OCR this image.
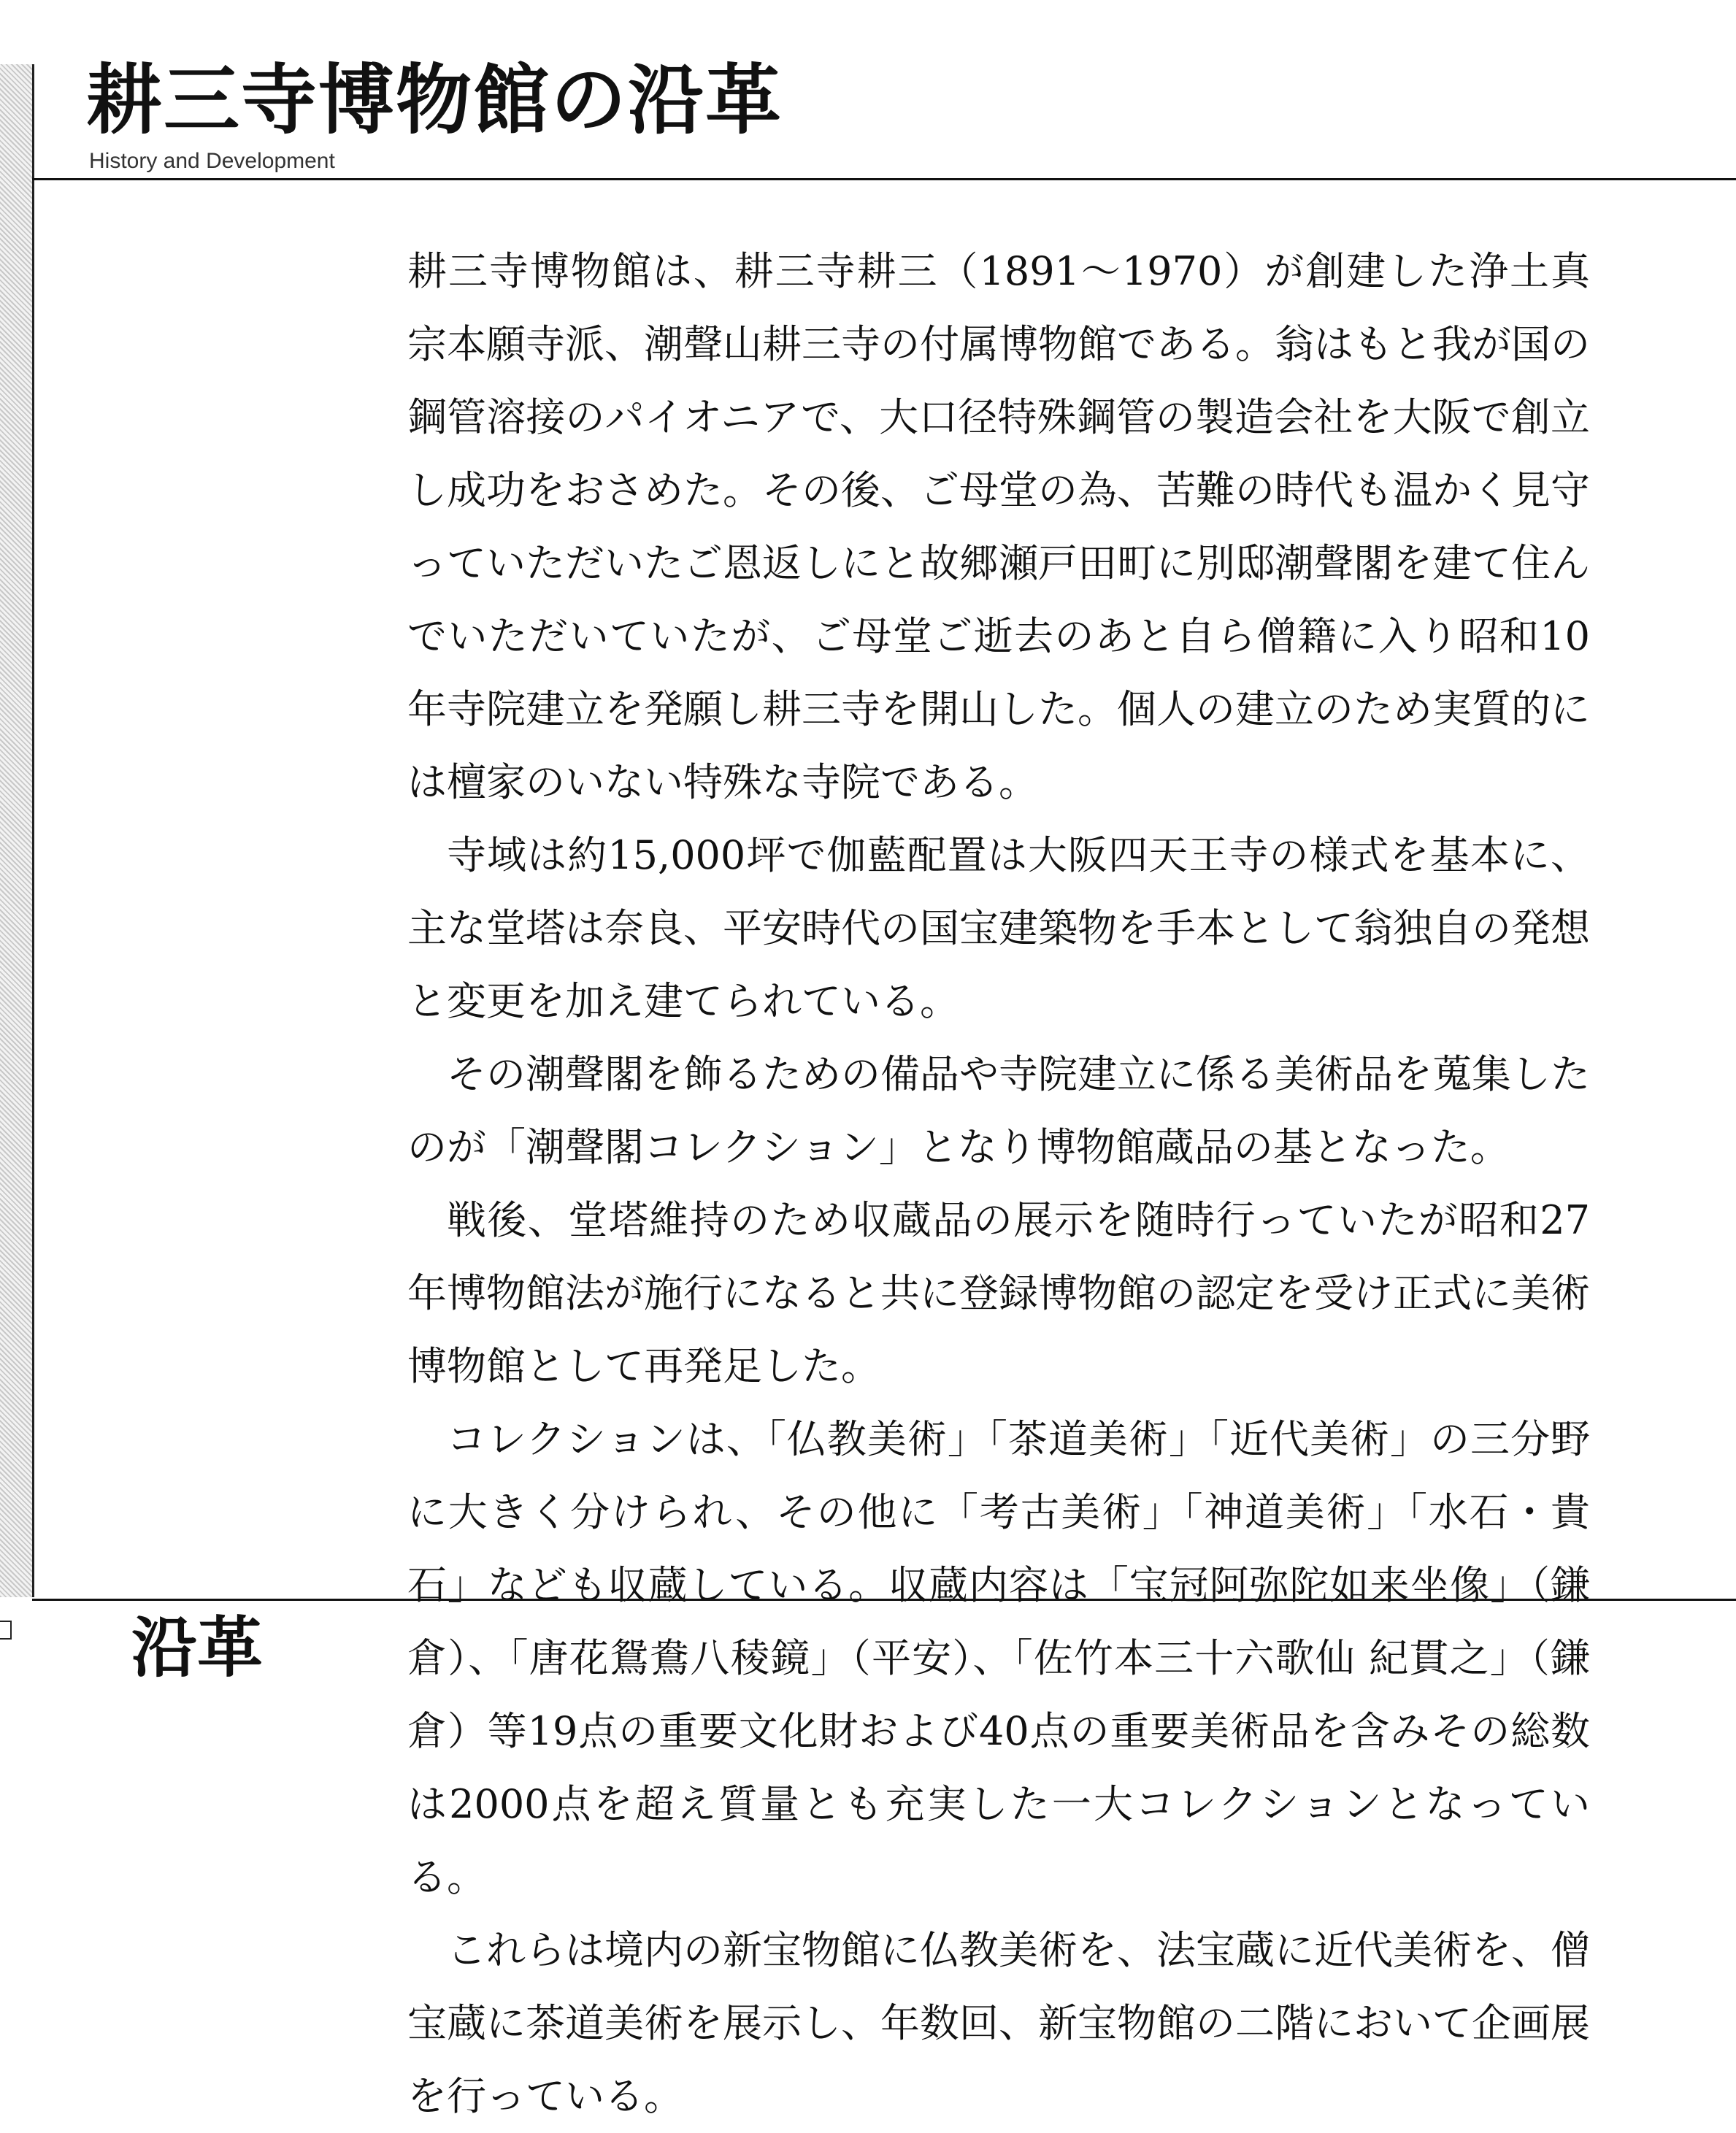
耕三寺博物館の沿革
History and Development

耕三寺博物館は、耕三寺耕三（1891～1970）が創建した浄土真宗本願寺派、潮聲山耕三寺の付属博物館である。翁はもと我が国の鋼管溶接のパイオニアで、大口径特殊鋼管の製造会社を大阪で創立し成功をおさめた。その後、ご母堂の為、苦難の時代も温かく見守っていただいたご恩返しにと故郷瀬戸田町に別邸潮聲閣を建て住んでいただいていたが、ご母堂ご逝去のあと自ら僧籍に入り昭和10年寺院建立を発願し耕三寺を開山した。個人の建立のため実質的には檀家のいない特殊な寺院である。

寺域は約15,000坪で伽藍配置は大阪四天王寺の様式を基本に、主な堂塔は奈良、平安時代の国宝建築物を手本として翁独自の発想と変更を加え建てられている。

その潮聲閣を飾るための備品や寺院建立に係る美術品を蒐集したのが「潮聲閣コレクション」となり博物館蔵品の基となった。

戦後、堂塔維持のため収蔵品の展示を随時行っていたが昭和27年博物館法が施行になると共に登録博物館の認定を受け正式に美術博物館として再発足した。

コレクションは、「仏教美術」「茶道美術」「近代美術」の三分野に大きく分けられ、その他に「考古美術」「神道美術」「水石・貴石」なども収蔵している。収蔵内容は「宝冠阿弥陀如来坐像」（鎌倉）、「唐花鴛鴦八稜鏡」（平安）、「佐竹本三十六歌仙 紀貫之」（鎌倉）等19点の重要文化財および40点の重要美術品を含みその総数は2000点を超え質量とも充実した一大コレクションとなっている。

これらは境内の新宝物館に仏教美術を、法宝蔵に近代美術を、僧宝蔵に茶道美術を展示し、年数回、新宝物館の二階において企画展を行っている。

沿革
